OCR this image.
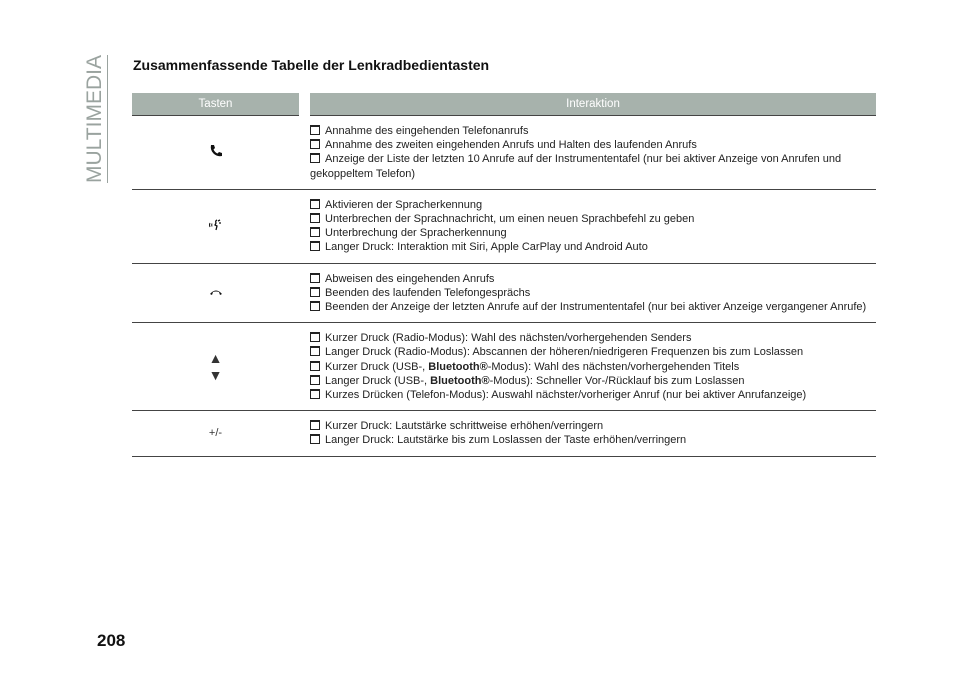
MULTIMEDIA Zusammenfassende Tabelle der Lenkradbedientasten
Tasten	Interaktion
Annahme des eingehenden Telefonanrufs
Annahme des zweiten eingehenden Anrufs und Halten des laufenden Anrufs
Anzeige der Liste der letzten 10 Anrufe auf der Instrumententafel (nur bei aktiver Anzeige von Anrufen und gekoppeltem Telefon)
Aktivieren der Spracherkennung
Unterbrechen der Sprachnachricht, um einen neuen Sprachbefehl zu geben
Unterbrechung der Spracherkennung
Langer Druck: Interaktion mit Siri, Apple CarPlay und Android Auto
Abweisen des eingehenden Anrufs
Beenden des laufenden Telefongesprächs
Beenden der Anzeige der letzten Anrufe auf der Instrumententafel (nur bei aktiver Anzeige vergangener Anrufe)
▲
▼
Kurzer Druck (Radio-Modus): Wahl des nächsten/vorhergehenden Senders
Langer Druck (Radio-Modus): Abscannen der höheren/niedrigeren Frequenzen bis zum Loslassen
Kurzer Druck (USB-, Bluetooth®-Modus): Wahl des nächsten/vorhergehenden Titels
Langer Druck (USB-, Bluetooth®-Modus): Schneller Vor-/Rücklauf bis zum Loslassen
Kurzes Drücken (Telefon-Modus): Auswahl nächster/vorheriger Anruf (nur bei aktiver Anrufanzeige)
+/-
Kurzer Druck: Lautstärke schrittweise erhöhen/verringern
Langer Druck: Lautstärke bis zum Loslassen der Taste erhöhen/verringern
208
